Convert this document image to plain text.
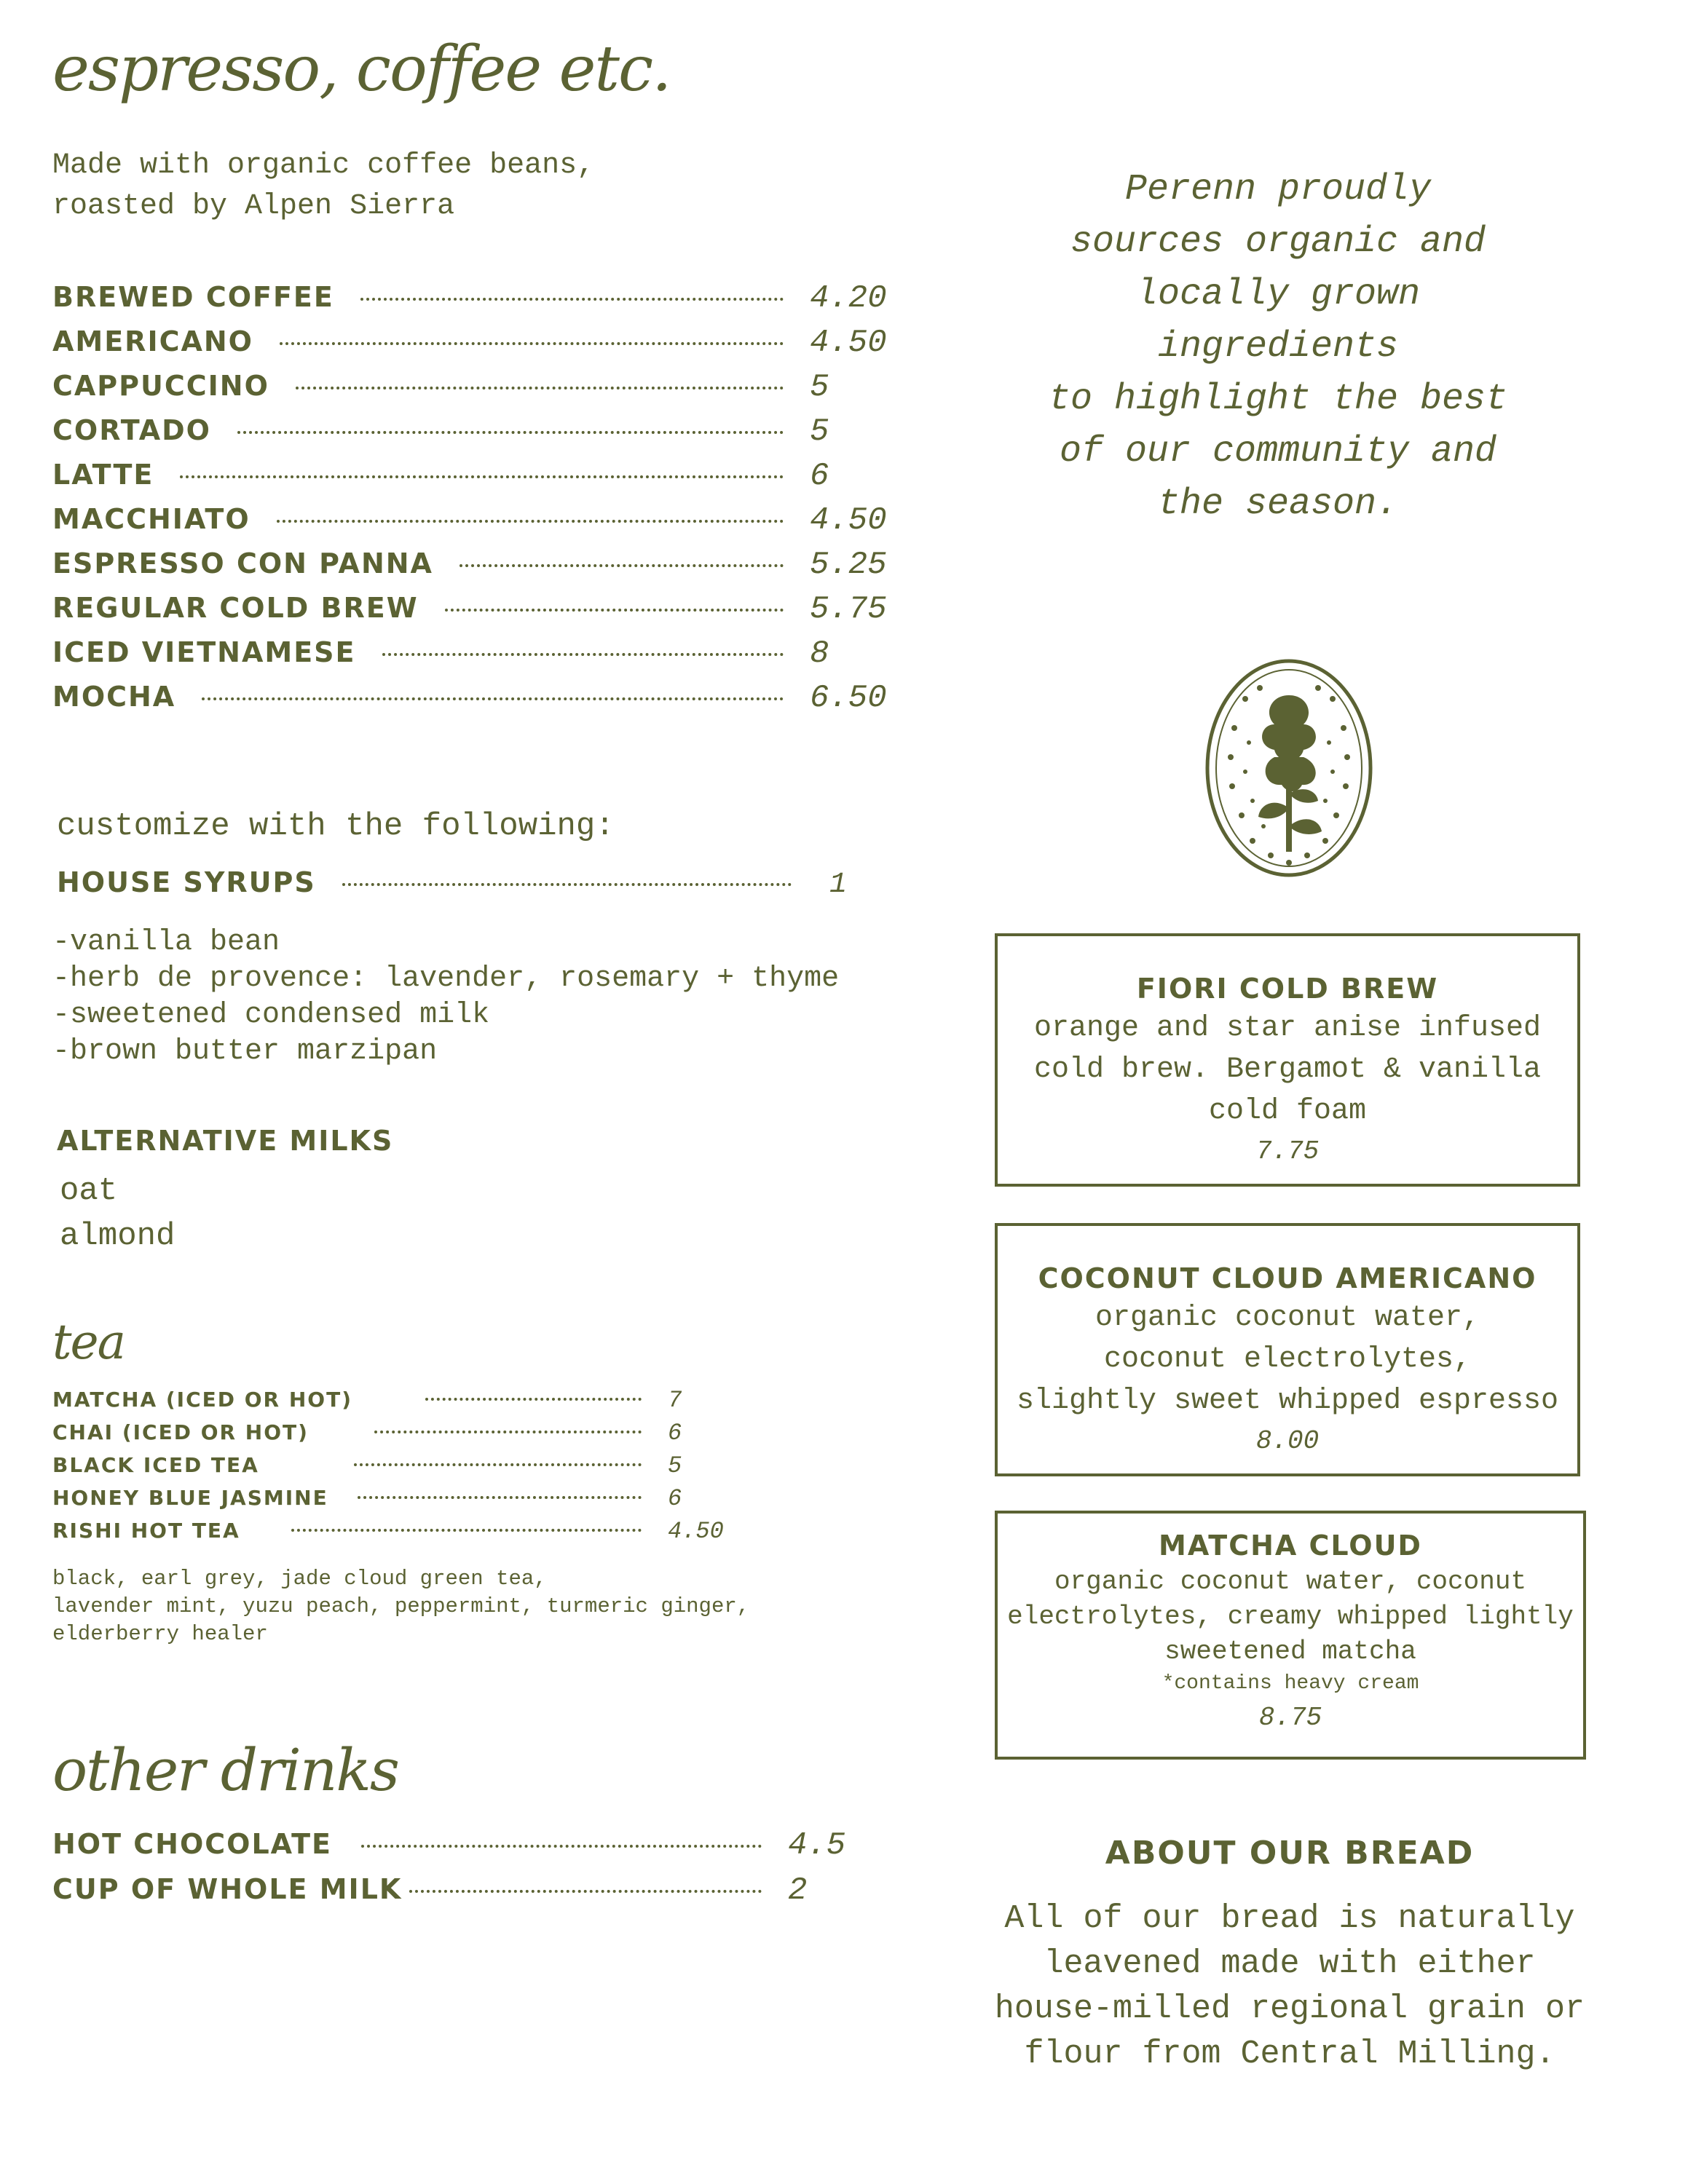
espresso, coffee etc.
Made with organic coffee beans,
roasted by Alpen Sierra
BREWED COFFEE	4.20
AMERICANO	4.50
CAPPUCCINO	5
CORTADO	5
LATTE	6
MACCHIATO	4.50
ESPRESSO CON PANNA	5.25
REGULAR COLD BREW	5.75
ICED VIETNAMESE	8
MOCHA	6.50
customize with the following:
HOUSE SYRUPS	1
-vanilla bean
-herb de provence: lavender, rosemary + thyme
-sweetened condensed milk
-brown butter marzipan
ALTERNATIVE MILKS
oat
almond
tea
MATCHA (ICED OR HOT)	7
CHAI (ICED OR HOT)	6
BLACK ICED TEA	5
HONEY BLUE JASMINE	6
RISHI HOT TEA	4.50
black, earl grey, jade cloud green tea,
lavender mint, yuzu peach, peppermint, turmeric ginger,
elderberry healer
other drinks
HOT CHOCOLATE	4.5
CUP OF WHOLE MILK	2
Perenn proudly
sources organic and
locally grown
ingredients
to highlight the best
of our community and
the season.
FIORI COLD BREW
orange and star anise infused
cold brew. Bergamot & vanilla
cold foam
7.75
COCONUT CLOUD AMERICANO
organic coconut water,
coconut electrolytes,
slightly sweet whipped espresso
8.00
MATCHA CLOUD
organic coconut water, coconut
electrolytes, creamy whipped lightly
sweetened matcha
*contains heavy cream
8.75
ABOUT OUR BREAD
All of our bread is naturally
leavened made with either
house-milled regional grain or
flour from Central Milling.
